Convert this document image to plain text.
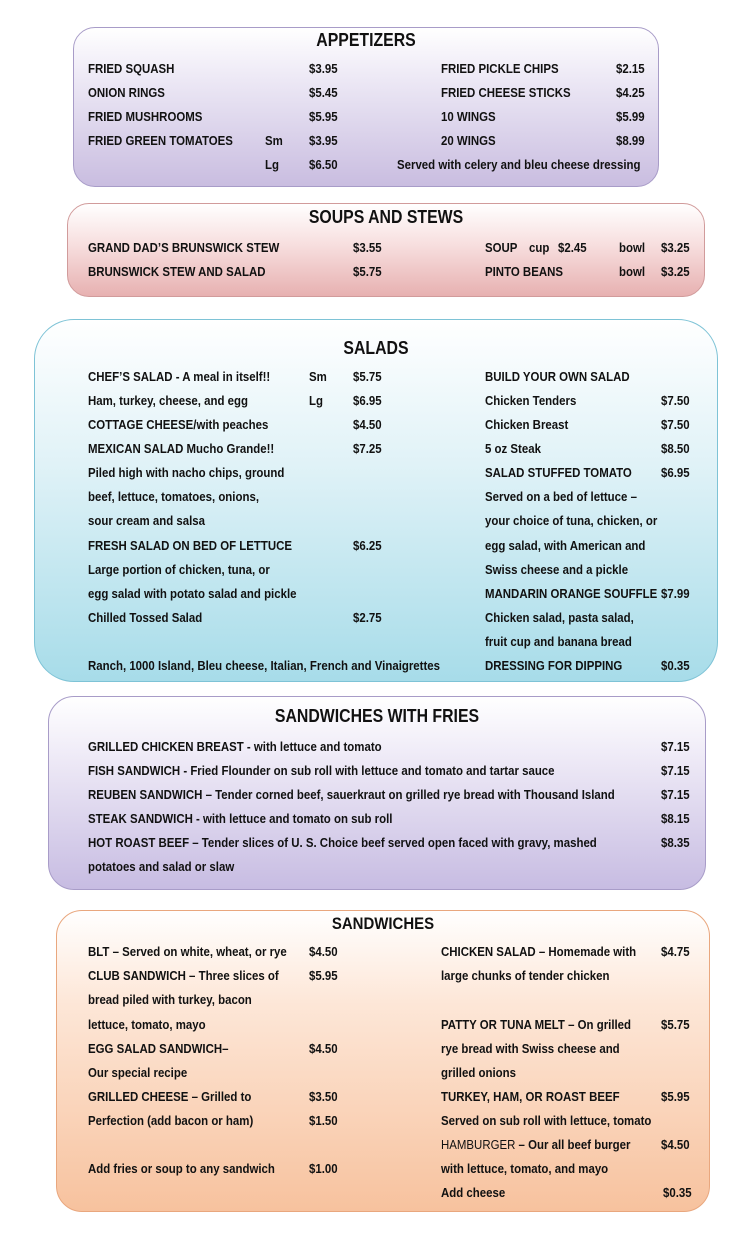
APPETIZERS
FRIED SQUASH	$3.95
ONION RINGS	$5.45
FRIED MUSHROOMS	$5.95
FRIED GREEN TOMATOES Sm $3.95
Lg $6.50
FRIED PICKLE CHIPS	$2.15
FRIED CHEESE STICKS	$4.25
10 WINGS	$5.99
20 WINGS	$8.99
Served with celery and bleu cheese dressing
SOUPS AND STEWS
GRAND DAD’S BRUNSWICK STEW	$3.55
BRUNSWICK STEW AND SALAD	$5.75
SOUP cup $2.45 bowl $3.25
PINTO BEANS	bowl $3.25
SALADS
CHEF’S SALAD - A meal in itself!!	Sm $5.75
Ham, turkey, cheese, and egg	Lg $6.95
COTTAGE CHEESE/with peaches	$4.50
MEXICAN SALAD Mucho Grande!!	$7.25
Piled high with nacho chips, ground
beef, lettuce, tomatoes, onions,
sour cream and salsa
FRESH SALAD ON BED OF LETTUCE	$6.25
Large portion of chicken, tuna, or
egg salad with potato salad and pickle
Chilled Tossed Salad	$2.75
Ranch, 1000 Island, Bleu cheese, Italian, French and Vinaigrettes
BUILD YOUR OWN SALAD
Chicken Tenders	$7.50
Chicken Breast	$7.50
5 oz Steak	$8.50
SALAD STUFFED TOMATO $6.95
Served on a bed of lettuce –
your choice of tuna, chicken, or
egg salad, with American and
Swiss cheese and a pickle
MANDARIN ORANGE SOUFFLE $7.99
Chicken salad, pasta salad,
fruit cup and banana bread
DRESSING FOR DIPPING	$0.35
SANDWICHES WITH FRIES
GRILLED CHICKEN BREAST - with lettuce and tomato	$7.15
FISH SANDWICH - Fried Flounder on sub roll with lettuce and tomato and tartar sauce	$7.15
REUBEN SANDWICH – Tender corned beef, sauerkraut on grilled rye bread with Thousand Island	$7.15
STEAK SANDWICH - with lettuce and tomato on sub roll	$8.15
HOT ROAST BEEF – Tender slices of U. S. Choice beef served open faced with gravy, mashed	$8.35
potatoes and salad or slaw
SANDWICHES
BLT – Served on white, wheat, or rye $4.50
CLUB SANDWICH – Three slices of $5.95
bread piled with turkey, bacon
lettuce, tomato, mayo
EGG SALAD SANDWICH–	$4.50
Our special recipe
GRILLED CHEESE – Grilled to	$3.50
Perfection (add bacon or ham)	$1.50
Add fries or soup to any sandwich	$1.00
CHICKEN SALAD – Homemade with $4.75
large chunks of tender chicken
PATTY OR TUNA MELT – On grilled $5.75
rye bread with Swiss cheese and
grilled onions
TURKEY, HAM, OR ROAST BEEF	$5.95
Served on sub roll with lettuce, tomato
HAMBURGER – Our all beef burger $4.50
with lettuce, tomato, and mayo
Add cheese	$0.35
